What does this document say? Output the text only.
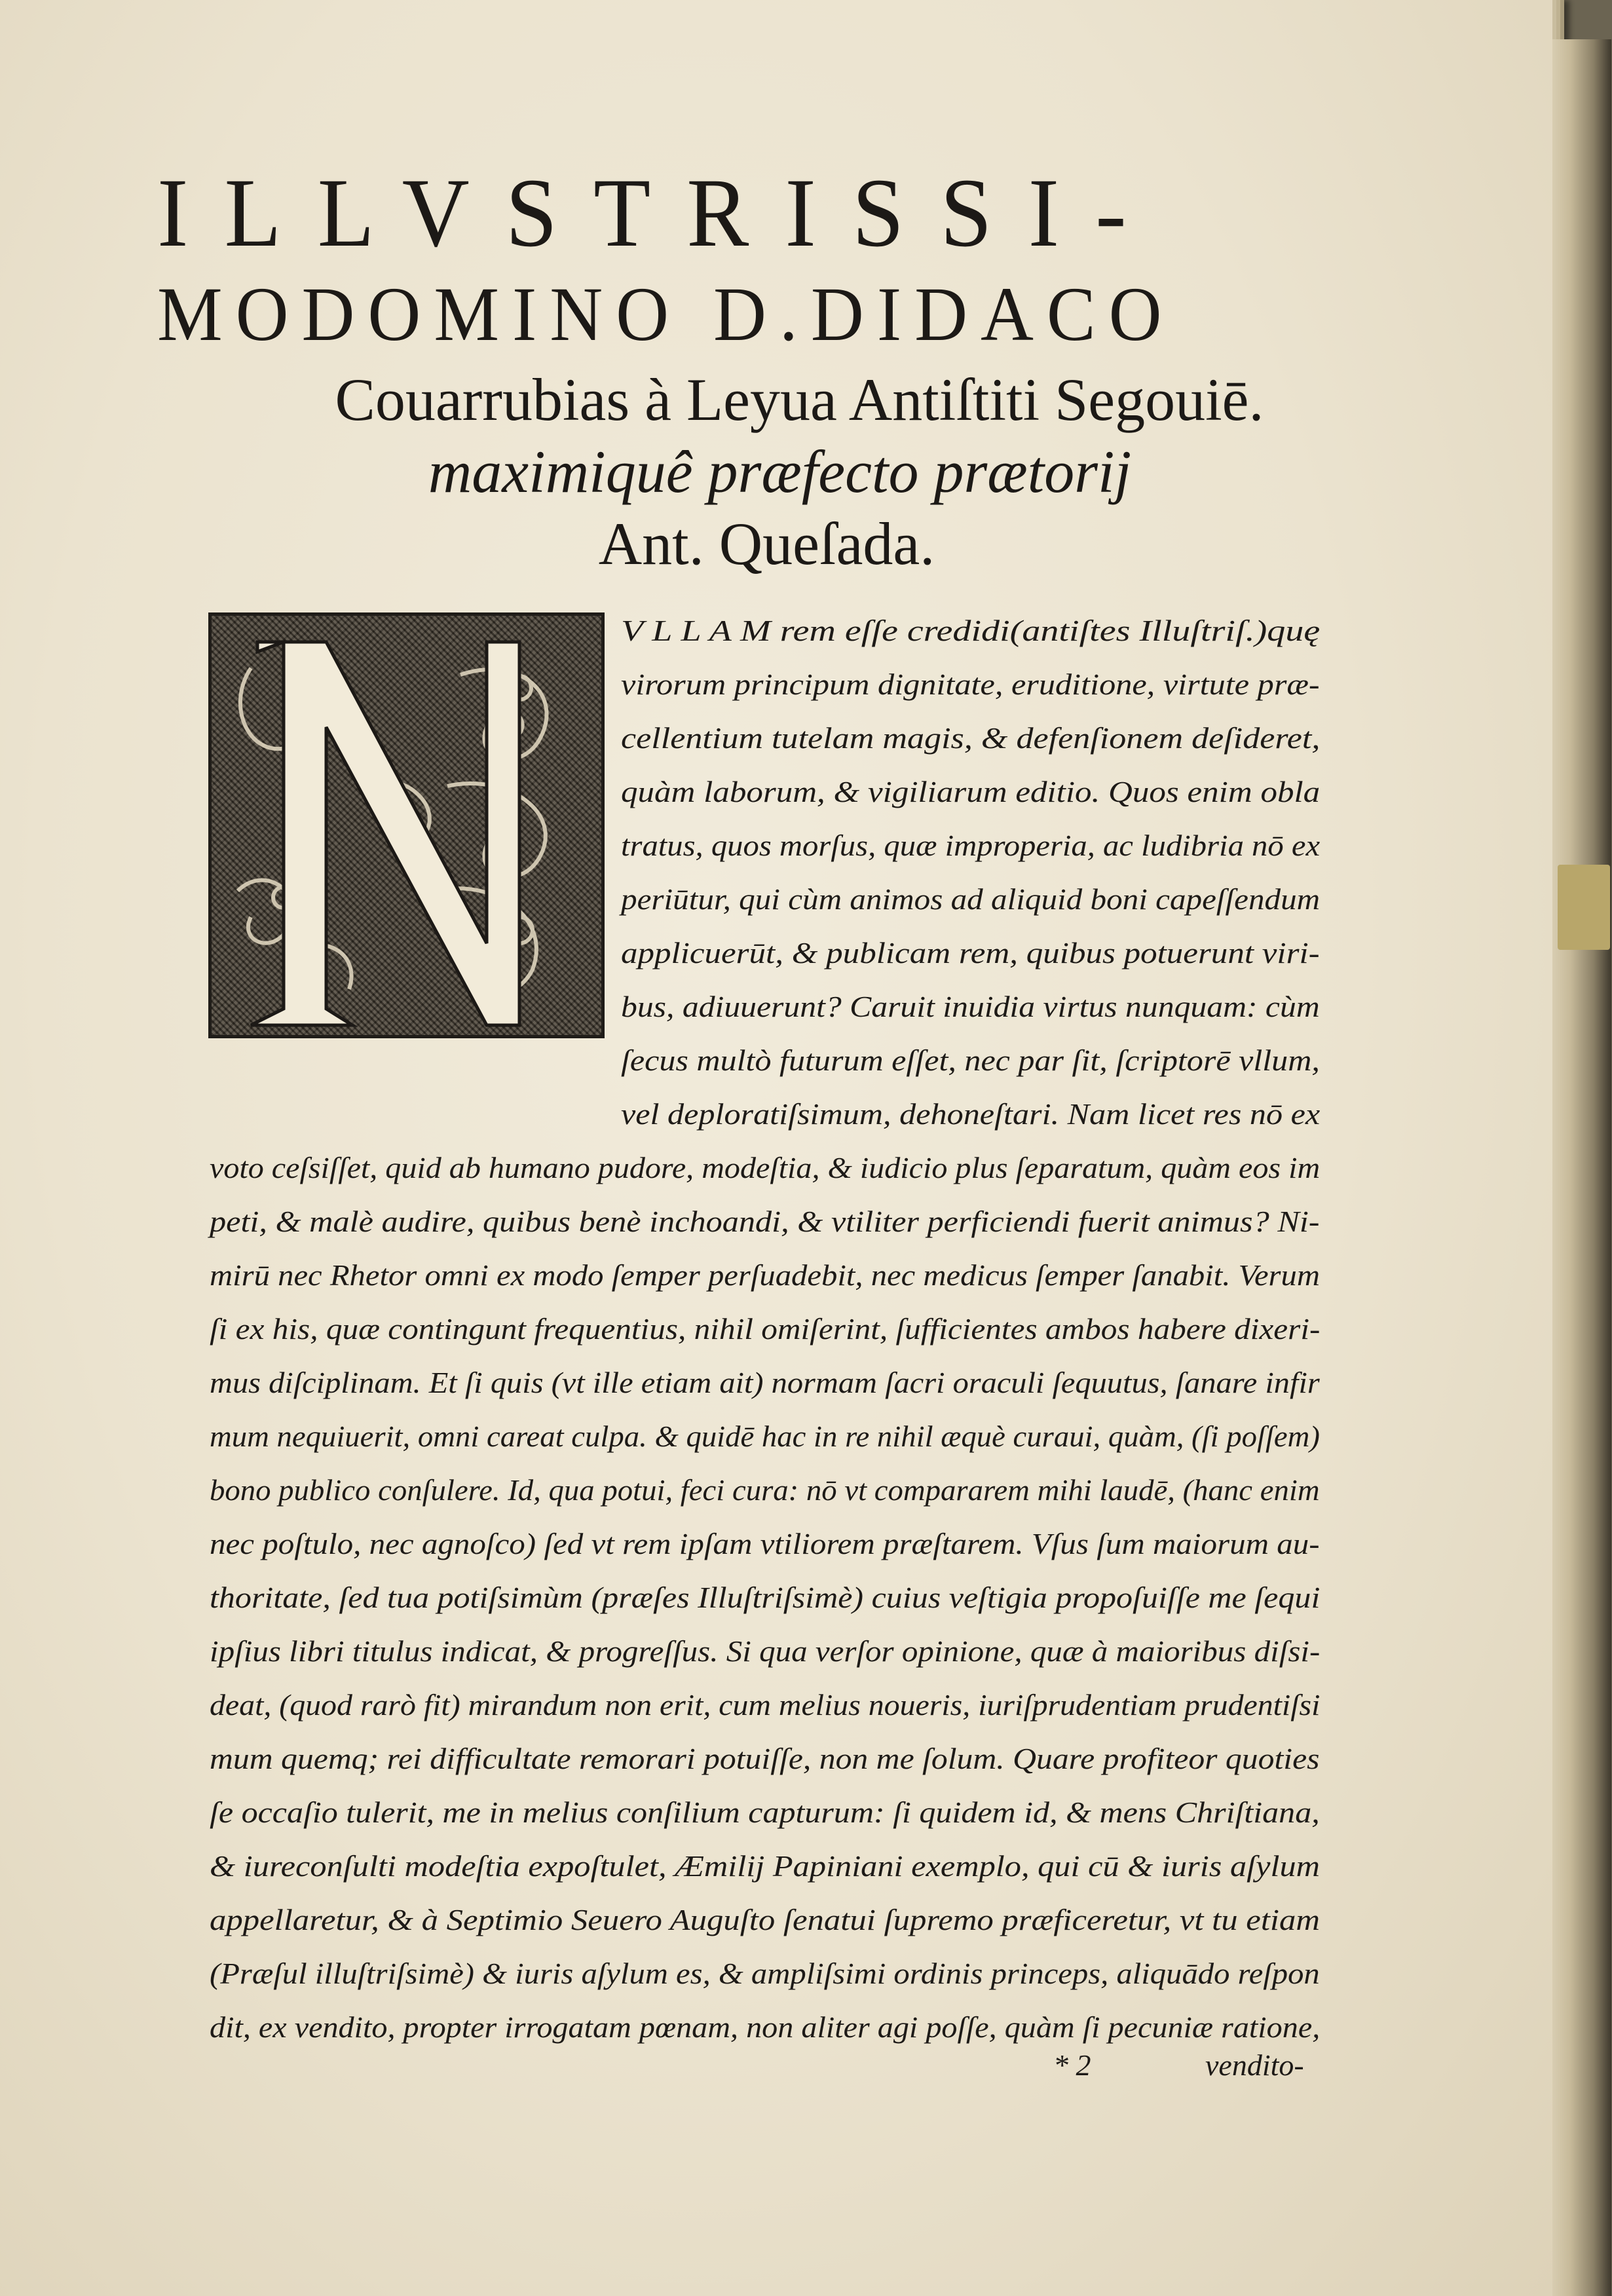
ILLVSTRISSI-
MODOMINO D.DIDACO
Couarrubias à Leyua Antiſtiti Segouiē.
maximiquê præfecto prætorij
Ant. Queſada.
V L L A M rem eſſe credidi(antiſtes Illuſtriſ.)quę
virorum principum dignitate, eruditione, virtute præ-
cellentium tutelam magis, & defenſionem deſideret,
quàm laborum, & vigiliarum editio. Quos enim obla
tratus, quos morſus, quæ improperia, ac ludibria nō ex
periūtur, qui cùm animos ad aliquid boni capeſſendum
applicuerūt, & publicam rem, quibus potuerunt viri-
bus, adiuuerunt? Caruit inuidia virtus nunquam: cùm
ſecus multò futurum eſſet, nec par ſit, ſcriptorē vllum,
vel deploratiſsimum, dehoneſtari. Nam licet res nō ex
voto ceſsiſſet, quid ab humano pudore, modeſtia, & iudicio plus ſeparatum, quàm eos im
peti, & malè audire, quibus benè inchoandi, & vtiliter perficiendi fuerit animus? Ni-
mirū nec Rhetor omni ex modo ſemper perſuadebit, nec medicus ſemper ſanabit. Verum
ſi ex his, quæ contingunt frequentius, nihil omiſerint, ſufficientes ambos habere dixeri-
mus diſciplinam. Et ſi quis (vt ille etiam ait) normam ſacri oraculi ſequutus, ſanare infir
mum nequiuerit, omni careat culpa. & quidē hac in re nihil æquè curaui, quàm, (ſi poſſem)
bono publico conſulere. Id, qua potui, feci cura: nō vt compararem mihi laudē, (hanc enim
nec poſtulo, nec agnoſco) ſed vt rem ipſam vtiliorem præſtarem. Vſus ſum maiorum au-
thoritate, ſed tua potiſsimùm (præſes Illuſtriſsimè) cuius veſtigia propoſuiſſe me ſequi
ipſius libri titulus indicat, & progreſſus. Si qua verſor opinione, quæ à maioribus diſsi-
deat, (quod rarò fit) mirandum non erit, cum melius noueris, iuriſprudentiam prudentiſsi
mum quemq; rei difficultate remorari potuiſſe, non me ſolum. Quare profiteor quoties
ſe occaſio tulerit, me in melius conſilium capturum: ſi quidem id, & mens Chriſtiana,
& iureconſulti modeſtia expoſtulet, Æmilij Papiniani exemplo, qui cū & iuris aſylum
appellaretur, & à Septimio Seuero Auguſto ſenatui ſupremo præficeretur, vt tu etiam
(Præſul illuſtriſsimè) & iuris aſylum es, & ampliſsimi ordinis princeps, aliquādo reſpon
dit, ex vendito, propter irrogatam pœnam, non aliter agi poſſe, quàm ſi pecuniæ ratione,
* 2	vendito-
